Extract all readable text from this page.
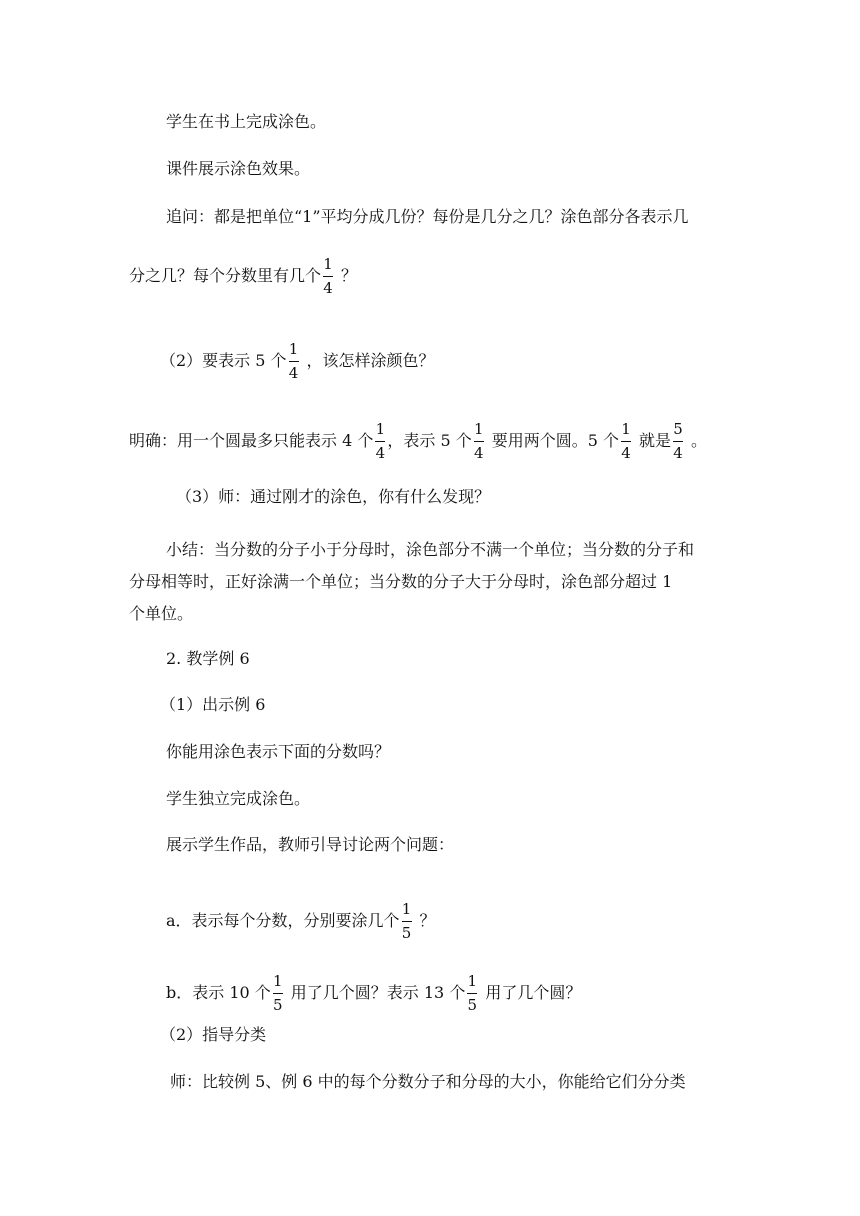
学生在书上完成涂色。
课件展示涂色效果。
追问：都是把单位“1”平均分成几份？每份是几分之几？涂色部分各表示几
分之几？每个分数里有几个 $\frac{1}{4}$ ？
（2）要表示 5 个 $\frac{1}{4}$ ，该怎样涂颜色？
明确：用一个圆最多只能表示 4 个 $\frac{1}{4}$ ，表示 5 个 $\frac{1}{4}$ 要用两个圆。5 个 $\frac{1}{4}$ 就是 $\frac{5}{4}$ 。
（3）师：通过刚才的涂色，你有什么发现？
小结：当分数的分子小于分母时，涂色部分不满一个单位；当分数的分子和
分母相等时，正好涂满一个单位；当分数的分子大于分母时，涂色部分超过 1
个单位。
2. 教学例 6
（1）出示例 6
你能用涂色表示下面的分数吗？
学生独立完成涂色。
展示学生作品，教师引导讨论两个问题：
a．表示每个分数，分别要涂几个 $\frac{1}{5}$ ？
b．表示 10 个 $\frac{1}{5}$ 用了几个圆？表示 13 个 $\frac{1}{5}$ 用了几个圆？
（2）指导分类
师：比较例 5、例 6 中的每个分数分子和分母的大小，你能给它们分分类
